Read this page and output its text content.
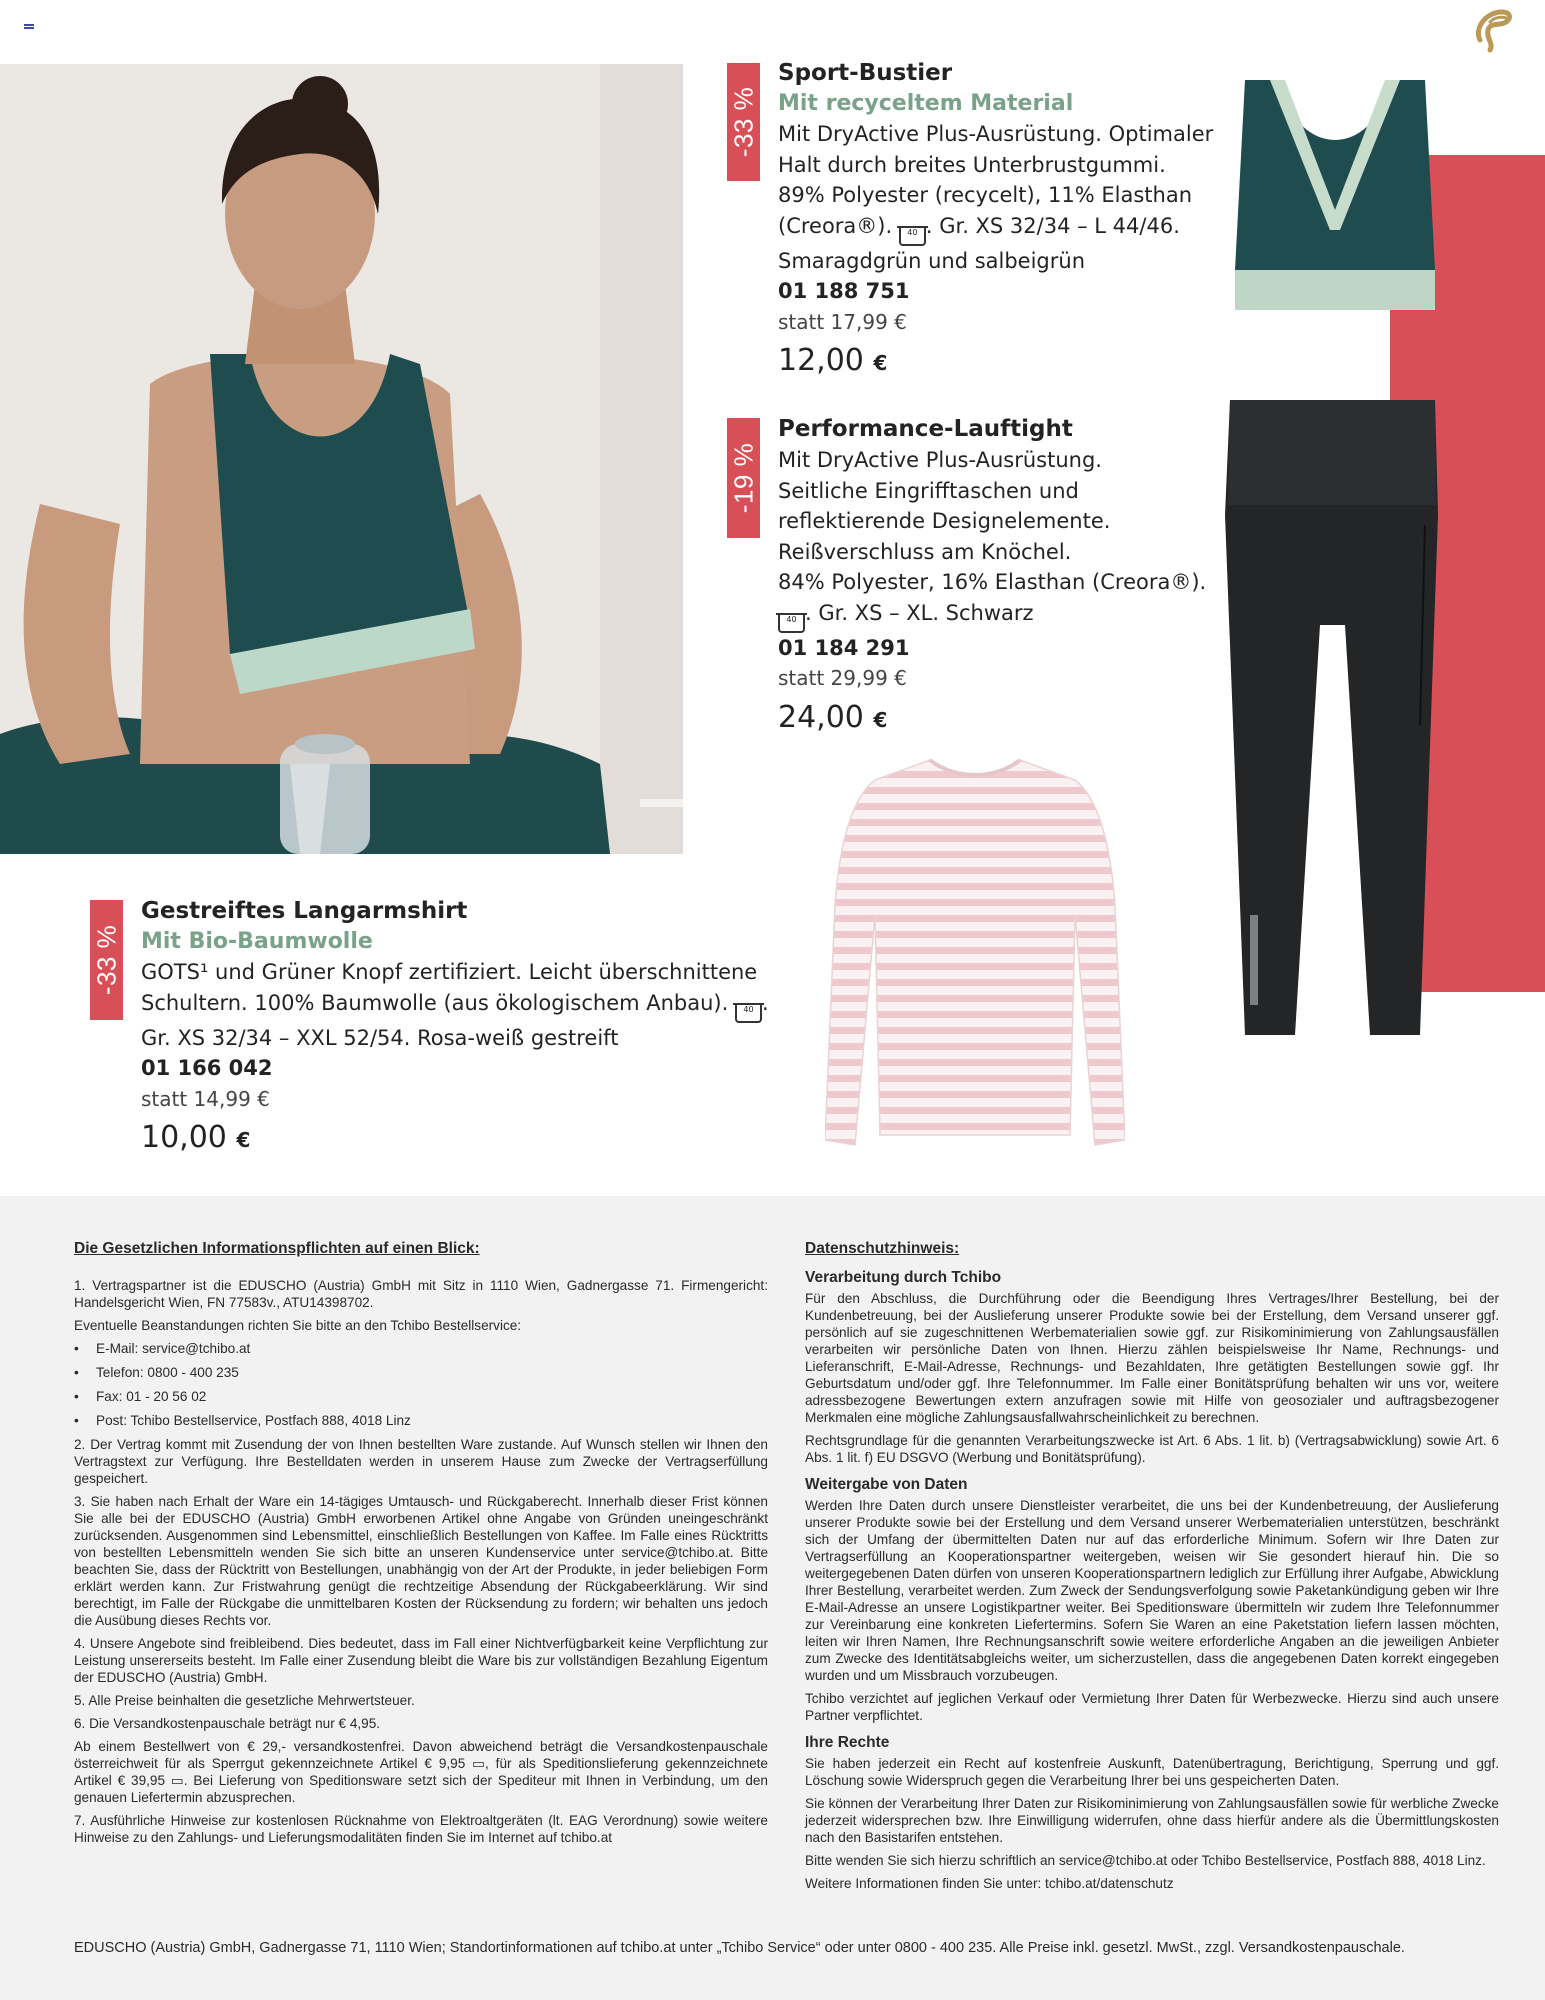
-33 %
Sport-Bustier
Mit recyceltem Material
Mit DryActive Plus-Ausrüstung. Optimaler
Halt durch breites Unterbrustgummi.
89% Polyester (recycelt), 11% Elasthan
(Creora®). 40 . Gr. XS 32/34 – L 44/46.
Smaragdgrün und salbeigrün
01 188 751
statt 17,99 €
12,00 €
-19 %
Performance-Lauftight
Mit DryActive Plus-Ausrüstung.
Seitliche Eingrifftaschen und
reflektierende Designelemente.
Reißverschluss am Knöchel.
84% Polyester, 16% Elasthan (Creora®).
40 . Gr. XS – XL. Schwarz
01 184 291
statt 29,99 €
24,00 €
-33 %
Gestreiftes Langarmshirt
Mit Bio-Baumwolle
GOTS¹ und Grüner Knopf zertifiziert. Leicht überschnittene
Schultern. 100% Baumwolle (aus ökologischem Anbau). 40 .
Gr. XS 32/34 – XXL 52/54. Rosa-weiß gestreift
01 166 042
statt 14,99 €
10,00 €
Die Gesetzlichen Informationspflichten auf einen Blick:

1. Vertragspartner ist die EDUSCHO (Austria) GmbH mit Sitz in 1110 Wien, Gadnergasse 71. Firmengericht: Handelsgericht Wien, FN 77583v., ATU14398702.

Eventuelle Beanstandungen richten Sie bitte an den Tchibo Bestellservice:

• E-Mail: service@tchibo.at
• Telefon: 0800 - 400 235
• Fax: 01 - 20 56 02
• Post: Tchibo Bestellservice, Postfach 888, 4018 Linz

2. Der Vertrag kommt mit Zusendung der von Ihnen bestellten Ware zustande. Auf Wunsch stellen wir Ihnen den Vertragstext zur Verfügung. Ihre Bestelldaten werden in unserem Hause zum Zwecke der Vertragserfüllung gespeichert.

3. Sie haben nach Erhalt der Ware ein 14-tägiges Umtausch- und Rückgaberecht. Innerhalb dieser Frist können Sie alle bei der EDUSCHO (Austria) GmbH erworbenen Artikel ohne Angabe von Gründen uneingeschränkt zurücksenden. Ausgenommen sind Lebensmittel, einschließlich Bestellungen von Kaffee. Im Falle eines Rücktritts von bestellten Lebensmitteln wenden Sie sich bitte an unseren Kundenservice unter service@tchibo.at. Bitte beachten Sie, dass der Rücktritt von Bestellungen, unabhängig von der Art der Produkte, in jeder beliebigen Form erklärt werden kann. Zur Fristwahrung genügt die rechtzeitige Absendung der Rückgabeerklärung. Wir sind berechtigt, im Falle der Rückgabe die unmittelbaren Kosten der Rücksendung zu fordern; wir behalten uns jedoch die Ausübung dieses Rechts vor.

4. Unsere Angebote sind freibleibend. Dies bedeutet, dass im Fall einer Nichtverfügbarkeit keine Verpflichtung zur Leistung unsererseits besteht. Im Falle einer Zusendung bleibt die Ware bis zur vollständigen Bezahlung Eigentum der EDUSCHO (Austria) GmbH.

5. Alle Preise beinhalten die gesetzliche Mehrwertsteuer.

6. Die Versandkostenpauschale beträgt nur € 4,95.

Ab einem Bestellwert von € 29,- versandkostenfrei. Davon abweichend beträgt die Versandkostenpauschale österreichweit für als Sperrgut gekennzeichnete Artikel € 9,95 ▭, für als Speditionslieferung gekennzeichnete Artikel € 39,95 ▭. Bei Lieferung von Speditionsware setzt sich der Spediteur mit Ihnen in Verbindung, um den genauen Liefertermin abzusprechen.

7. Ausführliche Hinweise zur kostenlosen Rücknahme von Elektroaltgeräten (lt. EAG Verordnung) sowie weitere Hinweise zu den Zahlungs- und Lieferungsmodalitäten finden Sie im Internet auf tchibo.at

Datenschutzhinweis:
Verarbeitung durch Tchibo

Für den Abschluss, die Durchführung oder die Beendigung Ihres Vertrages/Ihrer Bestellung, bei der Kundenbetreuung, bei der Auslieferung unserer Produkte sowie bei der Erstellung, dem Versand unserer ggf. persönlich auf sie zugeschnittenen Werbematerialien sowie ggf. zur Risikominimierung von Zahlungsausfällen verarbeiten wir persönliche Daten von Ihnen. Hierzu zählen beispielsweise Ihr Name, Rechnungs- und Lieferanschrift, E-Mail-Adresse, Rechnungs- und Bezahldaten, Ihre getätigten Bestellungen sowie ggf. Ihr Geburtsdatum und/oder ggf. Ihre Telefonnummer. Im Falle einer Bonitätsprüfung behalten wir uns vor, weitere adressbezogene Bewertungen extern anzufragen sowie mit Hilfe von geosozialer und auftragsbezogener Merkmalen eine mögliche Zahlungsausfallwahrscheinlichkeit zu berechnen.

Rechtsgrundlage für die genannten Verarbeitungszwecke ist Art. 6 Abs. 1 lit. b) (Vertragsabwicklung) sowie Art. 6 Abs. 1 lit. f) EU DSGVO (Werbung und Bonitätsprüfung).

Weitergabe von Daten

Werden Ihre Daten durch unsere Dienstleister verarbeitet, die uns bei der Kundenbetreuung, der Auslieferung unserer Produkte sowie bei der Erstellung und dem Versand unserer Werbematerialien unterstützen, beschränkt sich der Umfang der übermittelten Daten nur auf das erforderliche Minimum. Sofern wir Ihre Daten zur Vertragserfüllung an Kooperationspartner weitergeben, weisen wir Sie gesondert hierauf hin. Die so weitergegebenen Daten dürfen von unseren Kooperationspartnern lediglich zur Erfüllung ihrer Aufgabe, Abwicklung Ihrer Bestellung, verarbeitet werden. Zum Zweck der Sendungsverfolgung sowie Paketankündigung geben wir Ihre E-Mail-Adresse an unsere Logistikpartner weiter. Bei Speditionsware übermitteln wir zudem Ihre Telefonnummer zur Vereinbarung eine konkreten Liefertermins. Sofern Sie Waren an eine Paketstation liefern lassen möchten, leiten wir Ihren Namen, Ihre Rechnungsanschrift sowie weitere erforderliche Angaben an die jeweiligen Anbieter zum Zwecke des Identitätsabgleichs weiter, um sicherzustellen, dass die angegebenen Daten korrekt eingegeben wurden und um Missbrauch vorzubeugen.

Tchibo verzichtet auf jeglichen Verkauf oder Vermietung Ihrer Daten für Werbezwecke. Hierzu sind auch unsere Partner verpflichtet.

Ihre Rechte

Sie haben jederzeit ein Recht auf kostenfreie Auskunft, Datenübertragung, Berichtigung, Sperrung und ggf. Löschung sowie Widerspruch gegen die Verarbeitung Ihrer bei uns gespeicherten Daten.

Sie können der Verarbeitung Ihrer Daten zur Risikominimierung von Zahlungsausfällen sowie für werbliche Zwecke jederzeit widersprechen bzw. Ihre Einwilligung widerrufen, ohne dass hierfür andere als die Übermittlungskosten nach den Basistarifen entstehen.

Bitte wenden Sie sich hierzu schriftlich an service@tchibo.at oder Tchibo Bestellservice, Postfach 888, 4018 Linz.

Weitere Informationen finden Sie unter: tchibo.at/datenschutz

EDUSCHO (Austria) GmbH, Gadnergasse 71, 1110 Wien; Standortinformationen auf tchibo.at unter „Tchibo Service“ oder unter 0800 - 400 235. Alle Preise inkl. gesetzl. MwSt., zzgl. Versandkostenpauschale.
